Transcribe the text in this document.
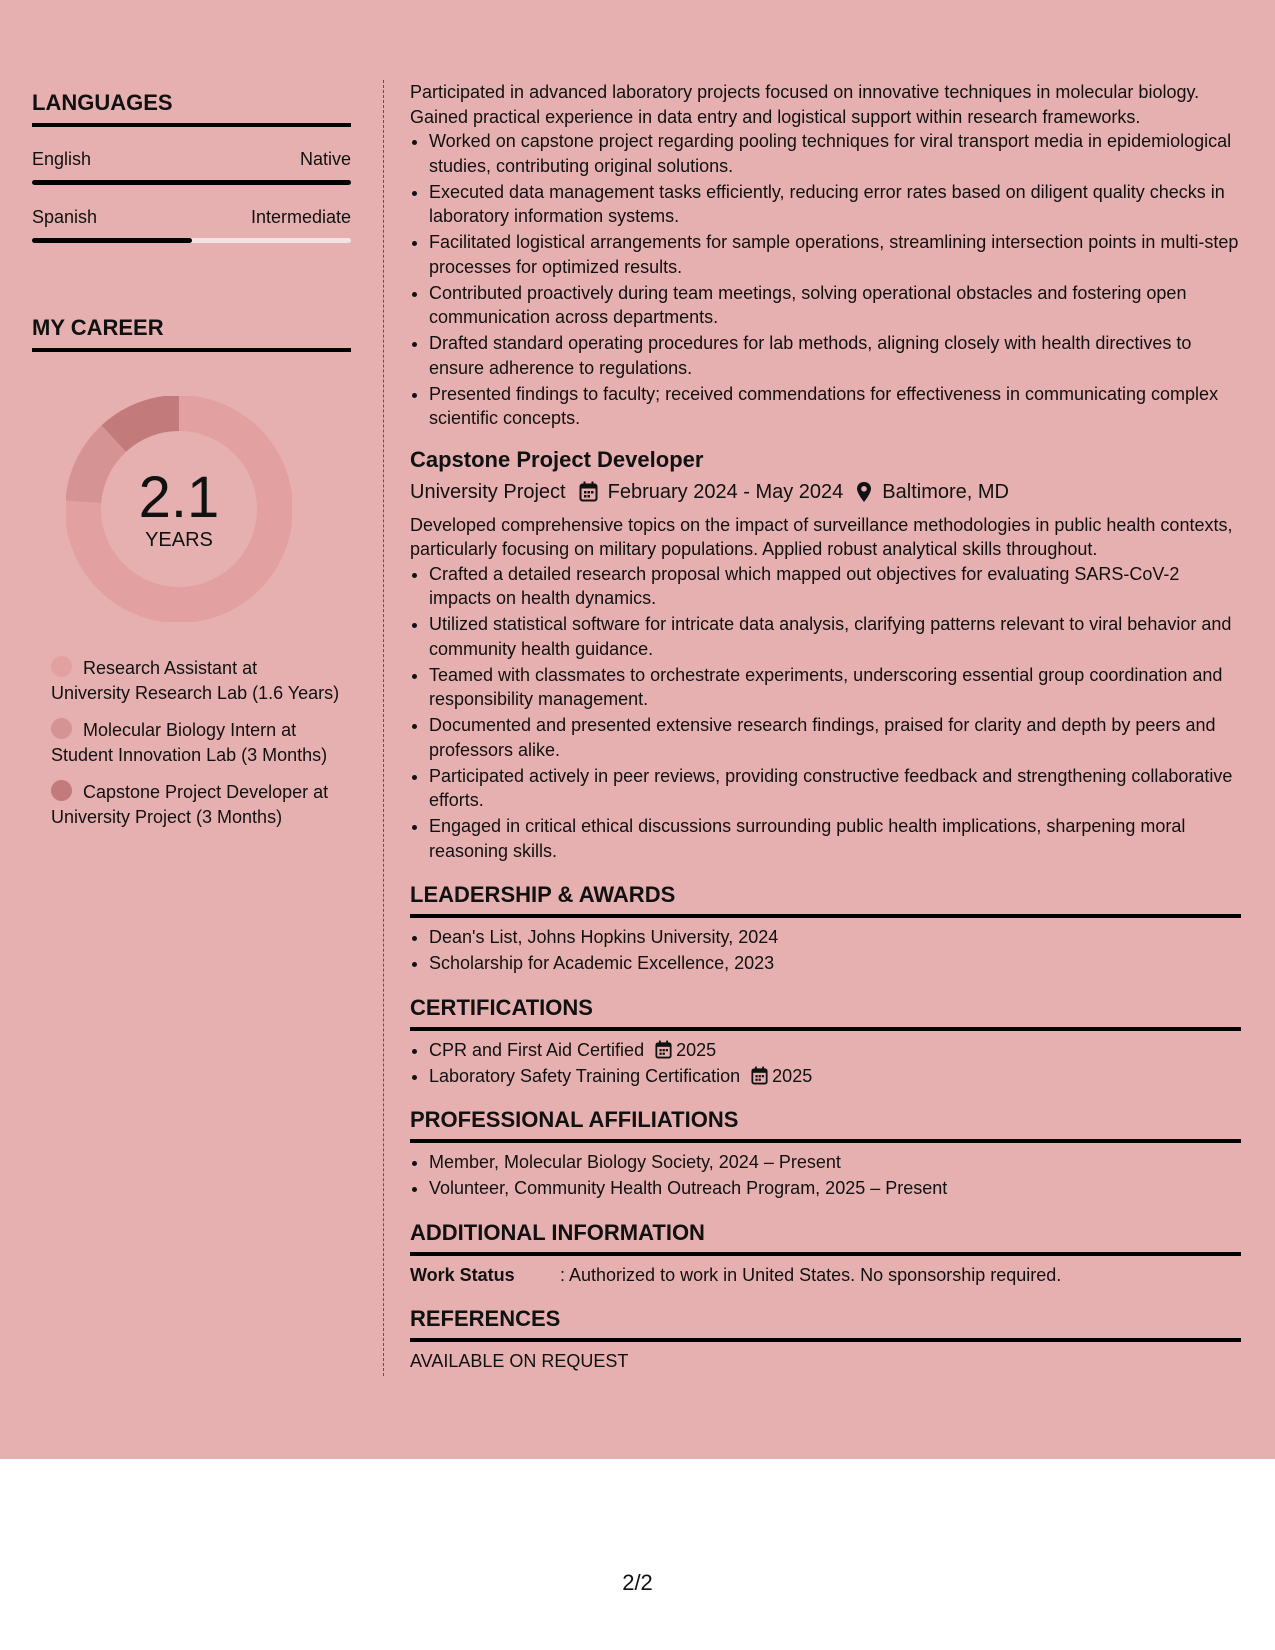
LANGUAGES
English	Native
Spanish	Intermediate
MY CAREER
2.1
YEARS
Research Assistant at University Research Lab (1.6 Years)
Molecular Biology Intern at Student Innovation Lab (3 Months)
Capstone Project Developer at University Project (3 Months)

Participated in advanced laboratory projects focused on innovative techniques in molecular biology. Gained practical experience in data entry and logistical support within research frameworks.

• Worked on capstone project regarding pooling techniques for viral transport media in epidemiological studies, contributing original solutions.
• Executed data management tasks efficiently, reducing error rates based on diligent quality checks in laboratory information systems.
• Facilitated logistical arrangements for sample operations, streamlining intersection points in multi-step processes for optimized results.
• Contributed proactively during team meetings, solving operational obstacles and fostering open communication across departments.
• Drafted standard operating procedures for lab methods, aligning closely with health directives to ensure adherence to regulations.
• Presented findings to faculty; received commendations for effectiveness in communicating complex scientific concepts.
Capstone Project Developer
University Project February 2024 - May 2024 Baltimore, MD

Developed comprehensive topics on the impact of surveillance methodologies in public health contexts, particularly focusing on military populations. Applied robust analytical skills throughout.

• Crafted a detailed research proposal which mapped out objectives for evaluating SARS-CoV-2 impacts on health dynamics.
• Utilized statistical software for intricate data analysis, clarifying patterns relevant to viral behavior and community health guidance.
• Teamed with classmates to orchestrate experiments, underscoring essential group coordination and responsibility management.
• Documented and presented extensive research findings, praised for clarity and depth by peers and professors alike.
• Participated actively in peer reviews, providing constructive feedback and strengthening collaborative efforts.
• Engaged in critical ethical discussions surrounding public health implications, sharpening moral reasoning skills.
LEADERSHIP & AWARDS
• Dean's List, Johns Hopkins University, 2024
• Scholarship for Academic Excellence, 2023
CERTIFICATIONS
• CPR and First Aid Certified 2025
• Laboratory Safety Training Certification 2025
PROFESSIONAL AFFILIATIONS
• Member, Molecular Biology Society, 2024 – Present
• Volunteer, Community Health Outreach Program, 2025 – Present
ADDITIONAL INFORMATION
Work Status	: Authorized to work in United States. No sponsorship required.
REFERENCES
AVAILABLE ON REQUEST
2/2
